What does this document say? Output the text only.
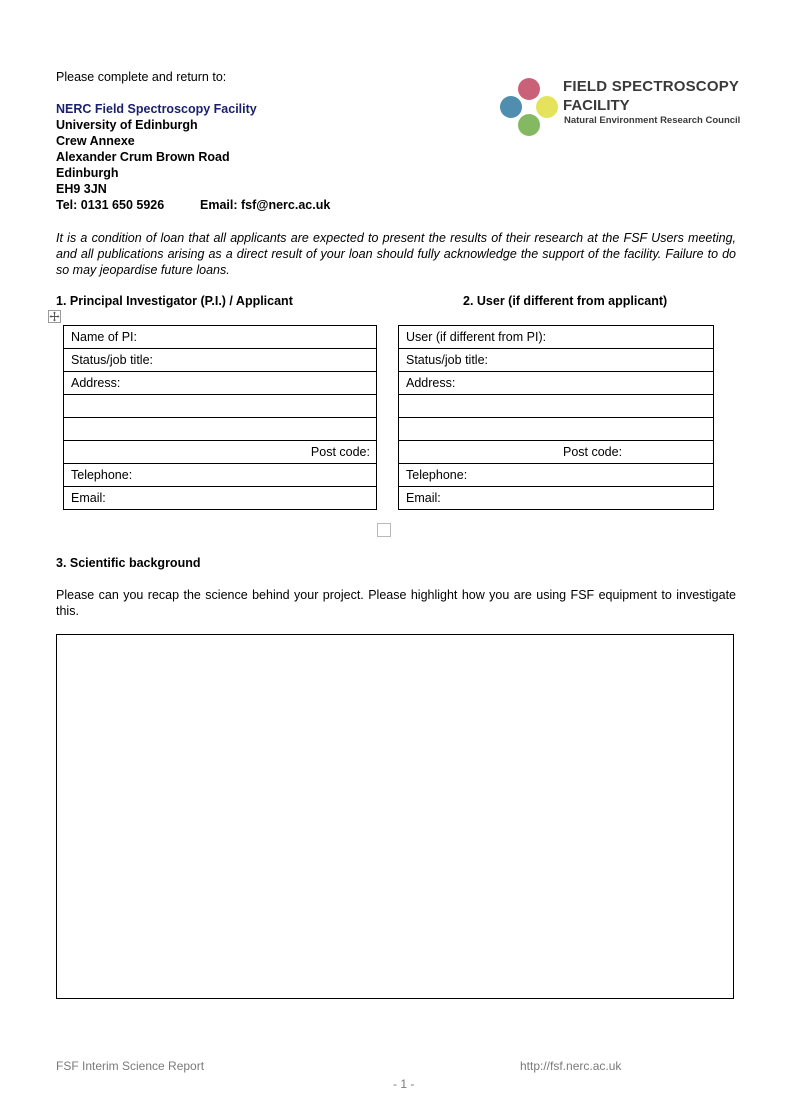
Please complete and return to:
NERC Field Spectroscopy Facility
University of Edinburgh
Crew Annexe
Alexander Crum Brown Road
Edinburgh
EH9 3JN
Tel: 0131 650 5926	Email: fsf@nerc.ac.uk
FIELD SPECTROSCOPY
FACILITY
Natural Environment Research Council
It is a condition of loan that all applicants are expected to present the results of their research at the FSF Users meeting, and all publications arising as a direct result of your loan should fully acknowledge the support of the facility. Failure to do so may jeopardise future loans.
1. Principal Investigator (P.I.) / Applicant	2. User (if different from applicant)
Name of PI:
Status/job title:
Address:

Post code:
Telephone:
Email:
User (if different from PI):
Status/job title:
Address:

Post code:
Telephone:
Email:
3. Scientific background
Please can you recap the science behind your project. Please highlight how you are using FSF equipment to investigate this.
FSF Interim Science Report	http://fsf.nerc.ac.uk
- 1 -
